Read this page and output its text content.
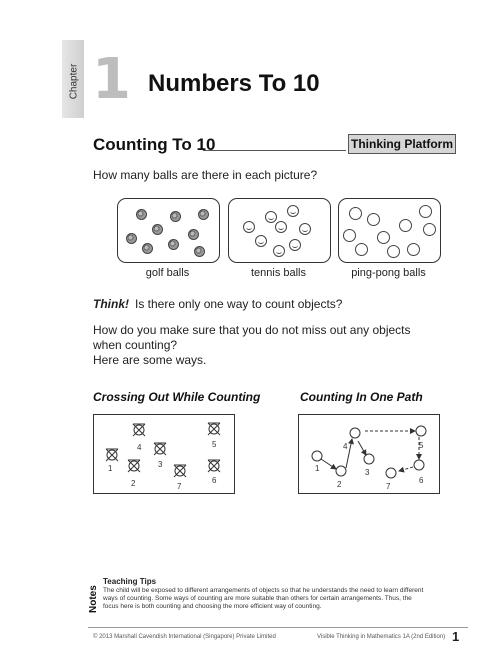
Chapter 1 Numbers To 10
Counting To 10	Thinking Platform
How many balls are there in each picture?
golf balls	tennis balls	ping-pong balls
Think! Is there only one way to count objects?
How do you make sure that you do not miss out any objects
when counting?
Here are some ways.
Crossing Out While Counting	Counting In One Path
1
2
3
4	5
6
7
1
2
3
4	5
6
7
Notes
Teaching Tips
The child will be exposed to different arrangements of objects so that he understands the need to learn different
ways of counting. Some ways of counting are more suitable than others for certain arrangements. Thus, the
focus here is both counting and choosing the more efficient way of counting.
© 2013 Marshall Cavendish International (Singapore) Private Limited	Visible Thinking in Mathematics 1A (2nd Edition) 1
